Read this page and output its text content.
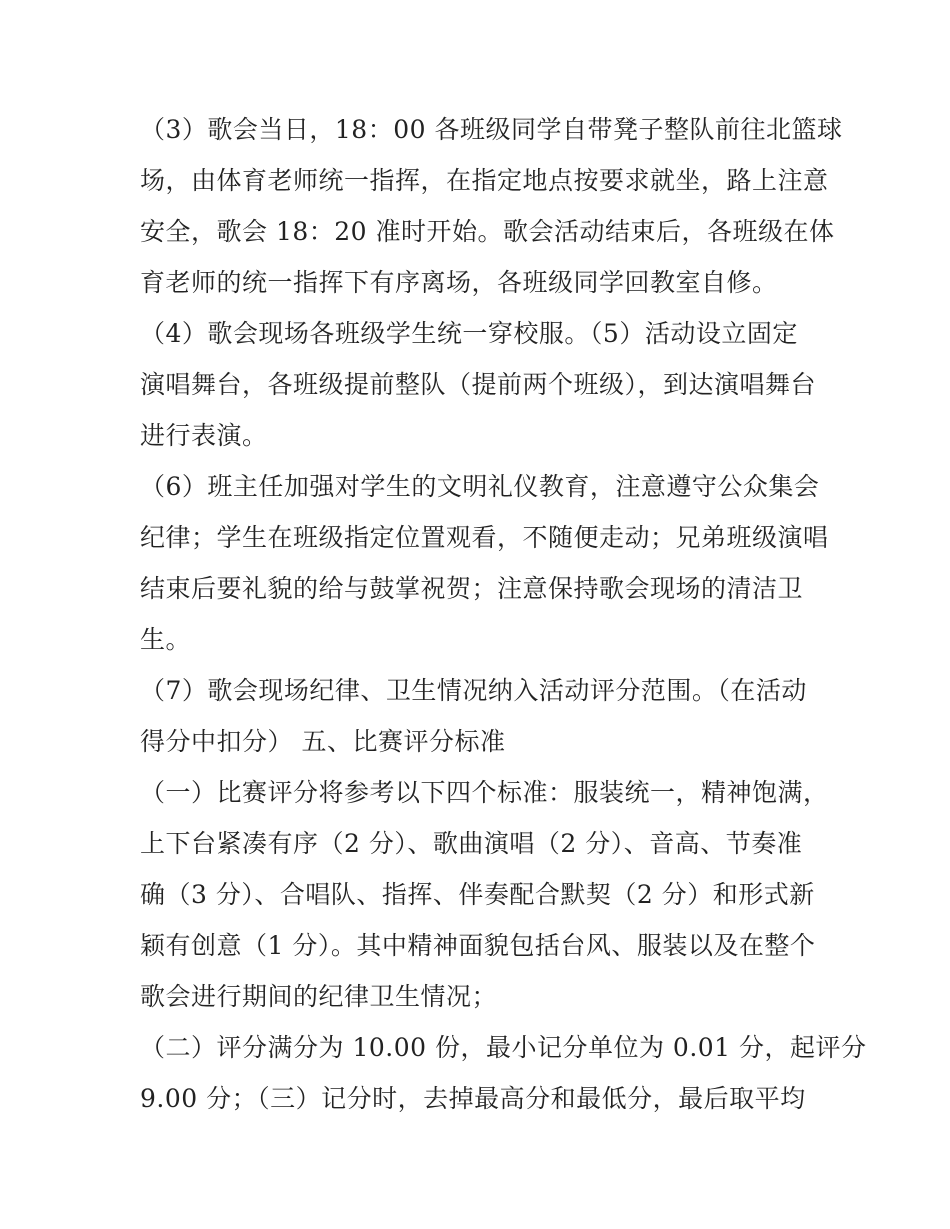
（3）歌会当日，18：00 各班级同学自带凳子整队前往北篮球
场，由体育老师统一指挥，在指定地点按要求就坐，路上注意
安全，歌会 18：20 准时开始。歌会活动结束后，各班级在体
育老师的统一指挥下有序离场，各班级同学回教室自修。
（4）歌会现场各班级学生统一穿校服。（5）活动设立固定
演唱舞台，各班级提前整队（提前两个班级），到达演唱舞台
进行表演。
（6）班主任加强对学生的文明礼仪教育，注意遵守公众集会
纪律；学生在班级指定位置观看，不随便走动；兄弟班级演唱
结束后要礼貌的给与鼓掌祝贺；注意保持歌会现场的清洁卫
生。
（7）歌会现场纪律、卫生情况纳入活动评分范围。（在活动
得分中扣分） 五、比赛评分标准
（一）比赛评分将参考以下四个标准：服装统一，精神饱满，
上下台紧凑有序（2 分）、歌曲演唱（2 分）、音高、节奏准
确（3 分）、合唱队、指挥、伴奏配合默契（2 分）和形式新
颖有创意（1 分）。其中精神面貌包括台风、服装以及在整个
歌会进行期间的纪律卫生情况；
（二）评分满分为 10.00 份，最小记分单位为 0.01 分，起评分
9.00 分；（三）记分时，去掉最高分和最低分，最后取平均
